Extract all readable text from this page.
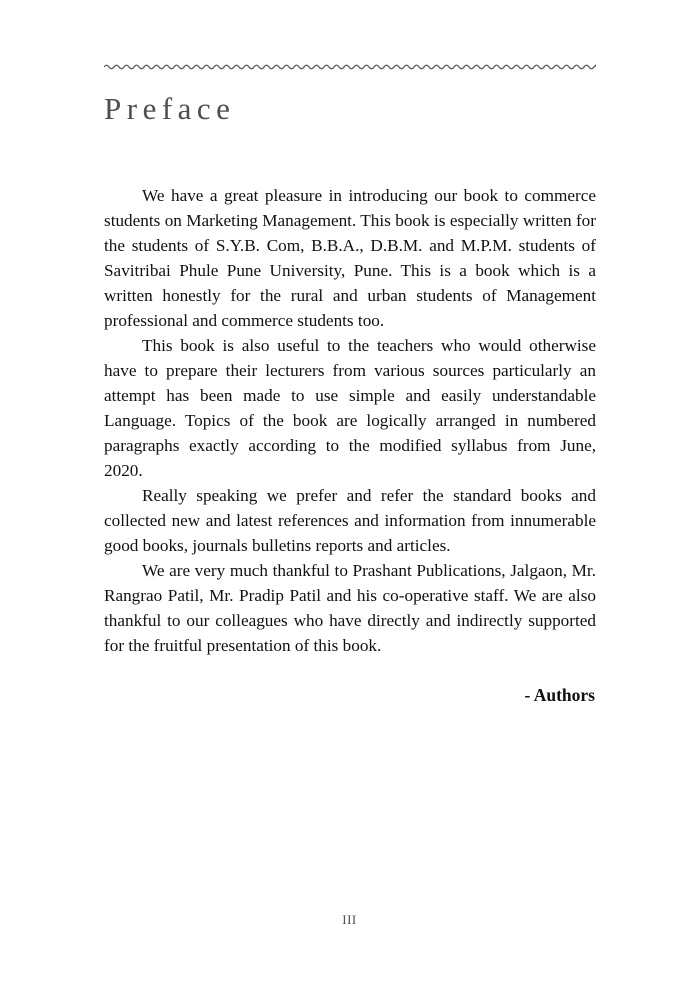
Preface

We have a great pleasure in introducing our book to commerce students on Marketing Management. This book is especially written for the students of S.Y.B. Com, B.B.A., D.B.M. and M.P.M. students of Savitribai Phule Pune University, Pune. This is a book which is a written honestly for the rural and urban students of Management professional and commerce students too.

This book is also useful to the teachers who would otherwise have to prepare their lecturers from various sources particularly an attempt has been made to use simple and easily understandable Language. Topics of the book are logically arranged in numbered paragraphs exactly according to the modified syllabus from June, 2020.

Really speaking we prefer and refer the standard books and collected new and latest references and information from innumerable good books, journals bulletins reports and articles.

We are very much thankful to Prashant Publications, Jalgaon, Mr. Rangrao Patil, Mr. Pradip Patil and his co-operative staff. We are also thankful to our colleagues who have directly and indirectly supported for the fruitful presentation of this book.

- Authors
III
